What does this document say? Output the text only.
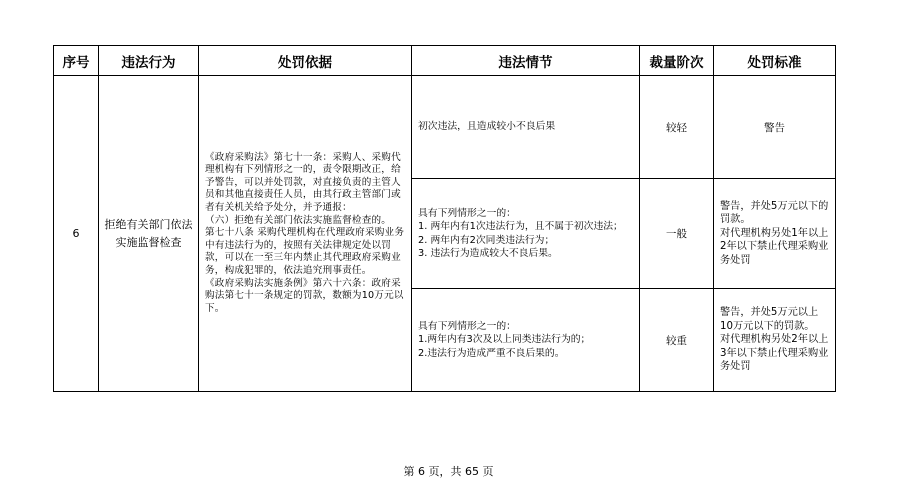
序号	违法行为	处罚依据	违法情节	裁量阶次	处罚标准
6	拒绝有关部门依法实施监督检查	《政府采购法》第七十一条：采购人、采购代理机构有下列情形之一的，责令限期改正，给予警告，可以并处罚款，对直接负责的主管人员和其他直接责任人员，由其行政主管部门或者有关机关给予处分，并予通报：
（六）拒绝有关部门依法实施监督检查的。
第七十八条 采购代理机构在代理政府采购业务中有违法行为的，按照有关法律规定处以罚款，可以在一至三年内禁止其代理政府采购业务，构成犯罪的，依法追究刑事责任。
《政府采购法实施条例》第六十六条：政府采购法第七十一条规定的罚款，数额为10万元以下。	初次违法，且造成较小不良后果	较轻	警告
			具有下列情形之一的：
1. 两年内有1次违法行为，且不属于初次违法；
2. 两年内有2次同类违法行为；
3. 违法行为造成较大不良后果。	一般	警告，并处5万元以下的罚款。
对代理机构另处1年以上2年以下禁止代理采购业务处罚
			具有下列情形之一的：
1.两年内有3次及以上同类违法行为的；
2.违法行为造成严重不良后果的。	较重	警告，并处5万元以上10万元以下的罚款。
对代理机构另处2年以上3年以下禁止代理采购业务处罚
第 6 页，共 65 页
